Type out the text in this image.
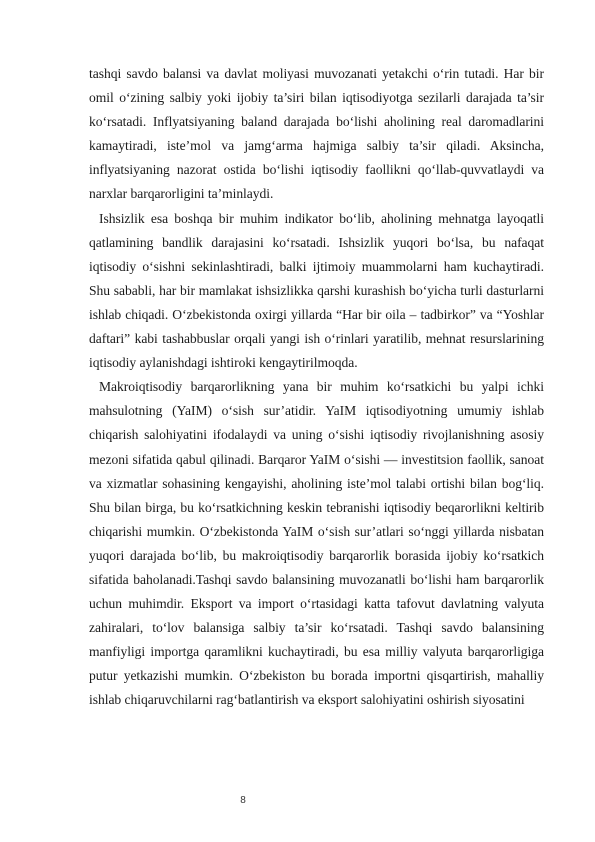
tashqi savdo balansi va davlat moliyasi muvozanati yetakchi o‘rin tutadi. Har bir omil o‘zining salbiy yoki ijobiy ta’siri bilan iqtisodiyotga sezilarli darajada ta’sir ko‘rsatadi. Inflyatsiyaning baland darajada bo‘lishi aholining real daromadlarini kamaytiradi, iste’mol va jamg‘arma hajmiga salbiy ta’sir qiladi. Aksincha, inflyatsiyaning nazorat ostida bo‘lishi iqtisodiy faollikni qo‘llab-quvvatlaydi va narxlar barqarorligini ta’minlaydi.

Ishsizlik esa boshqa bir muhim indikator bo‘lib, aholining mehnatga layoqatli qatlamining bandlik darajasini ko‘rsatadi. Ishsizlik yuqori bo‘lsa, bu nafaqat iqtisodiy o‘sishni sekinlashtiradi, balki ijtimoiy muammolarni ham kuchaytiradi. Shu sababli, har bir mamlakat ishsizlikka qarshi kurashish bo‘yicha turli dasturlarni ishlab chiqadi. O‘zbekistonda oxirgi yillarda “Har bir oila – tadbirkor” va “Yoshlar daftari” kabi tashabbuslar orqali yangi ish o‘rinlari yaratilib, mehnat resurslarining iqtisodiy aylanishdagi ishtiroki kengaytirilmoqda.

Makroiqtisodiy barqarorlikning yana bir muhim ko‘rsatkichi bu yalpi ichki mahsulotning (YaIM) o‘sish sur’atidir. YaIM iqtisodiyotning umumiy ishlab chiqarish salohiyatini ifodalaydi va uning o‘sishi iqtisodiy rivojlanishning asosiy mezoni sifatida qabul qilinadi. Barqaror YaIM o‘sishi — investitsion faollik, sanoat va xizmatlar sohasining kengayishi, aholining iste’mol talabi ortishi bilan bog‘liq. Shu bilan birga, bu ko‘rsatkichning keskin tebranishi iqtisodiy beqarorlikni keltirib chiqarishi mumkin. O‘zbekistonda YaIM o‘sish sur’atlari so‘nggi yillarda nisbatan yuqori darajada bo‘lib, bu makroiqtisodiy barqarorlik borasida ijobiy ko‘rsatkich sifatida baholanadi.Tashqi savdo balansining muvozanatli bo‘lishi ham barqarorlik uchun muhimdir. Eksport va import o‘rtasidagi katta tafovut davlatning valyuta zahiralari, to‘lov balansiga salbiy ta’sir ko‘rsatadi. Tashqi savdo balansining manfiyligi importga qaramlikni kuchaytiradi, bu esa milliy valyuta barqarorligiga putur yetkazishi mumkin. O‘zbekiston bu borada importni qisqartirish, mahalliy ishlab chiqaruvchilarni rag‘batlantirish va eksport salohiyatini oshirish siyosatini

8
